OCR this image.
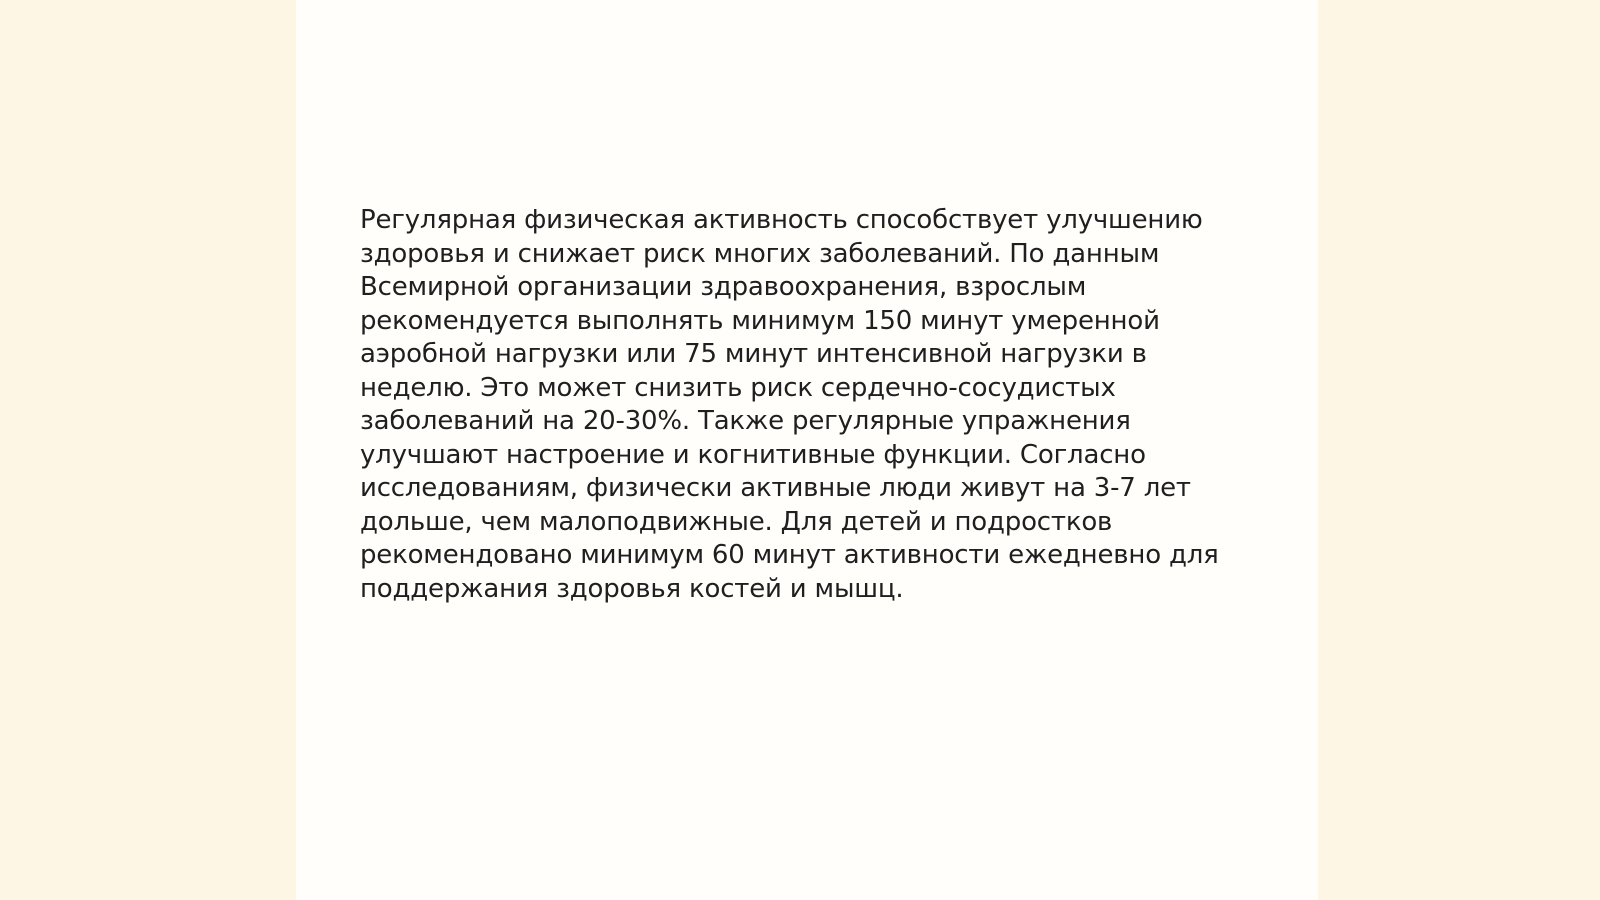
Регулярная физическая активность способствует улучшению
здоровья и снижает риск многих заболеваний. По данным
Всемирной организации здравоохранения, взрослым
рекомендуется выполнять минимум 150 минут умеренной
аэробной нагрузки или 75 минут интенсивной нагрузки в
неделю. Это может снизить риск сердечно-сосудистых
заболеваний на 20-30%. Также регулярные упражнения
улучшают настроение и когнитивные функции. Согласно
исследованиям, физически активные люди живут на 3-7 лет
дольше, чем малоподвижные. Для детей и подростков
рекомендовано минимум 60 минут активности ежедневно для
поддержания здоровья костей и мышц.
